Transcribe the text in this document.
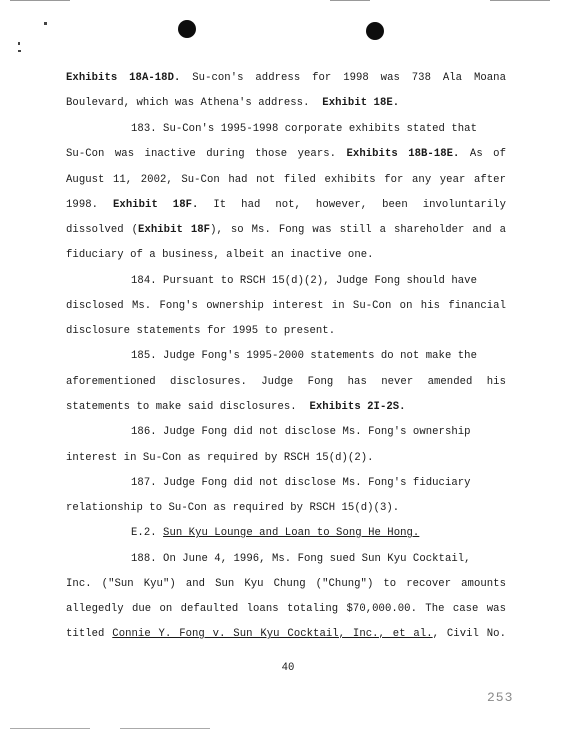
Exhibits 18A-18D. Su-con's address for 1998 was 738 Ala Moana
Boulevard, which was Athena's address.  Exhibit 18E.
183. Su-Con's 1995-1998 corporate exhibits stated that
Su-Con was inactive during those years. Exhibits 18B-18E. As of
August 11, 2002, Su-Con had not filed exhibits for any year after
1998. Exhibit 18F. It had not, however, been involuntarily
dissolved (Exhibit 18F), so Ms. Fong was still a shareholder and a
fiduciary of a business, albeit an inactive one.
184. Pursuant to RSCH 15(d)(2), Judge Fong should have
disclosed Ms. Fong's ownership interest in Su-Con on his financial
disclosure statements for 1995 to present.
185. Judge Fong's 1995-2000 statements do not make the
aforementioned disclosures. Judge Fong has never amended his
statements to make said disclosures.  Exhibits 2I-2S.
186. Judge Fong did not disclose Ms. Fong's ownership
interest in Su-Con as required by RSCH 15(d)(2).
187. Judge Fong did not disclose Ms. Fong's fiduciary
relationship to Su-Con as required by RSCH 15(d)(3).
E.2. Sun Kyu Lounge and Loan to Song He Hong.
188. On June 4, 1996, Ms. Fong sued Sun Kyu Cocktail,
Inc. ("Sun Kyu") and Sun Kyu Chung ("Chung") to recover amounts
allegedly due on defaulted loans totaling $70,000.00. The case was
titled Connie Y. Fong v. Sun Kyu Cocktail, Inc., et al., Civil No.
40
253
